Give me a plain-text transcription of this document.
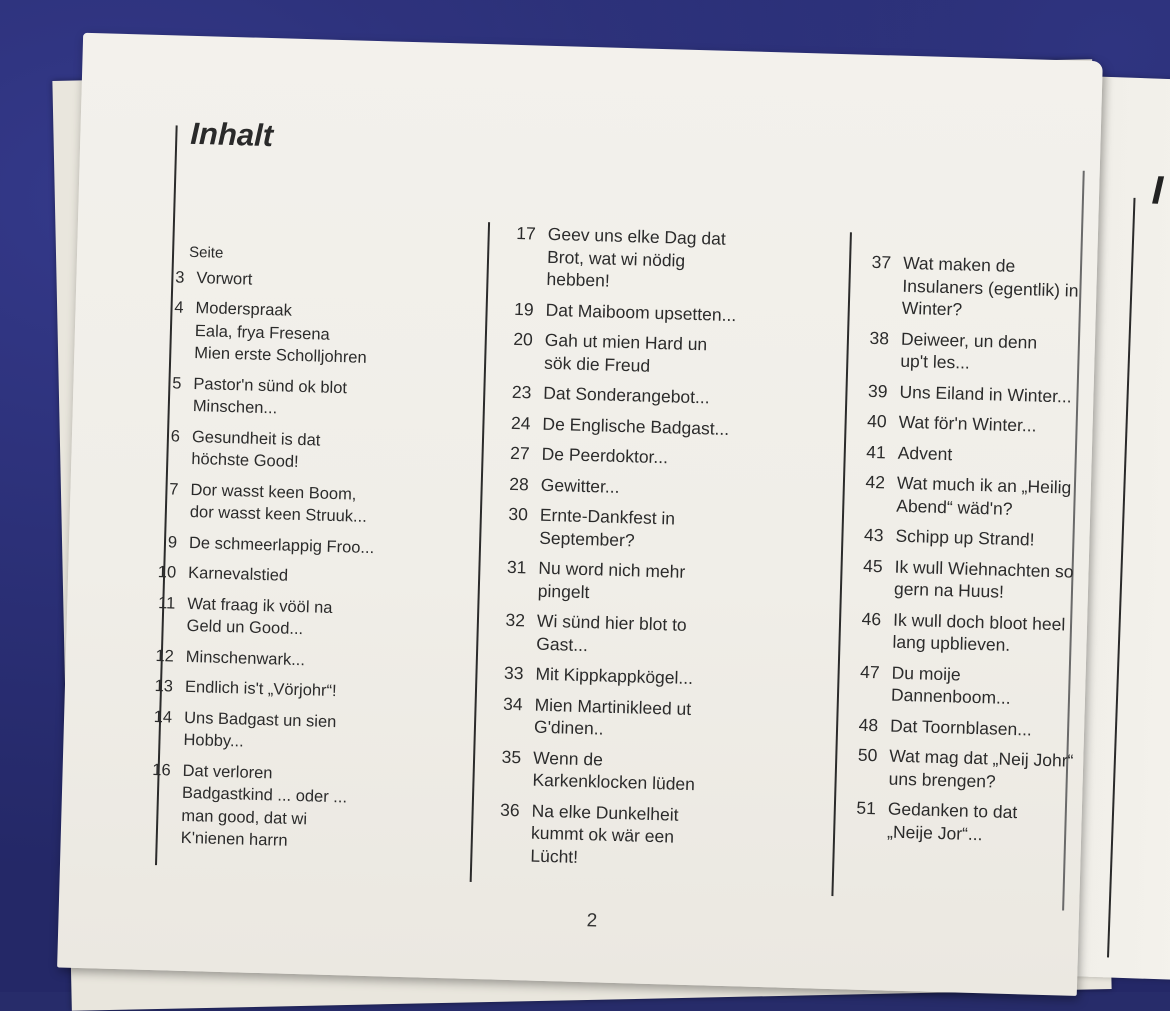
I
Inhalt
Seite
3 Vorwort
4 Moderspraak
Eala, frya Fresena
Mien erste Scholljohren
5 Pastor'n sünd ok blot
Minschen...
6 Gesundheit is dat
höchste Good!
7 Dor wasst keen Boom,
dor wasst keen Struuk...
9 De schmeerlappig Froo...
10 Karnevalstied
11 Wat fraag ik vööl na
Geld un Good...
12 Minschenwark...
13 Endlich is't „Vörjohr“!
14 Uns Badgast un sien
Hobby...
16 Dat verloren
Badgastkind ... oder ...
man good, dat wi
K'nienen harrn
17 Geev uns elke Dag dat
Brot, wat wi nödig
hebben!
19 Dat Maiboom upsetten...
20 Gah ut mien Hard un
sök die Freud
23 Dat Sonderangebot...
24 De Englische Badgast...
27 De Peerdoktor...
28 Gewitter...
30 Ernte-Dankfest in
September?
31 Nu word nich mehr
pingelt
32 Wi sünd hier blot to
Gast...
33 Mit Kippkappkögel...
34 Mien Martinikleed ut
G'dinen..
35 Wenn de
Karkenklocken lüden
36 Na elke Dunkelheit
kummt ok wär een
Lücht!
37 Wat maken de
Insulaners (egentlik) in
Winter?
38 Deiweer, un denn
up't les...
39 Uns Eiland in Winter...
40 Wat för'n Winter...
41 Advent
42 Wat much ik an „Heilig
Abend“ wäd'n?
43 Schipp up Strand!
45 Ik wull Wiehnachten so
gern na Huus!
46 Ik wull doch bloot heel
lang upblieven.
47 Du moije Dannenboom...
48 Dat Toornblasen...
50 Wat mag dat „Neij Johr“
uns brengen?
51 Gedanken to dat
„Neije Jor“...
2
